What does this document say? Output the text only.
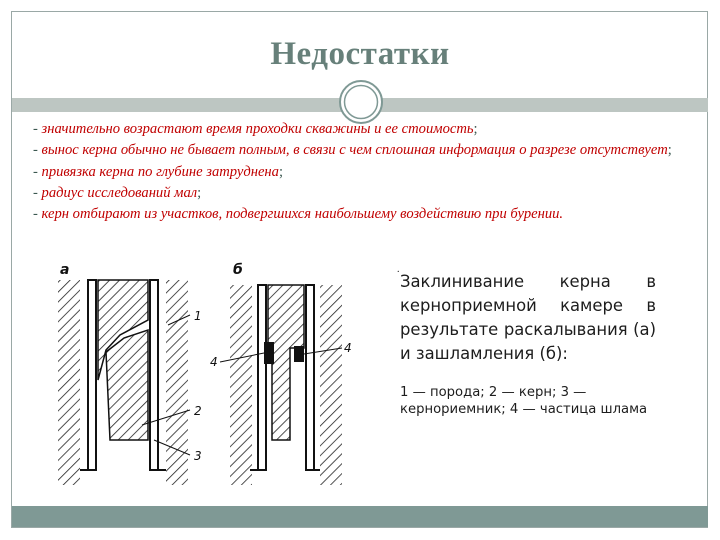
Недостатки

- значительно возрастают время проходки скважины и ее стоимость;

- вынос керна обычно не бывает полным, в связи с чем сплошная информация о разрезе отсутствует;

- привязка керна по глубине затруднена;

- радиус исследований мал;

- керн отбирают из участков, подвергшихся наибольшему воздействию при бурении.

а
1
2
3
б
4
4
Заклинивание керна в керноприемной камере в результате раскалывания (а) и зашламления (б):
1 — порода; 2 — керн; 3 — кернориемник; 4 — частица шлама
.
